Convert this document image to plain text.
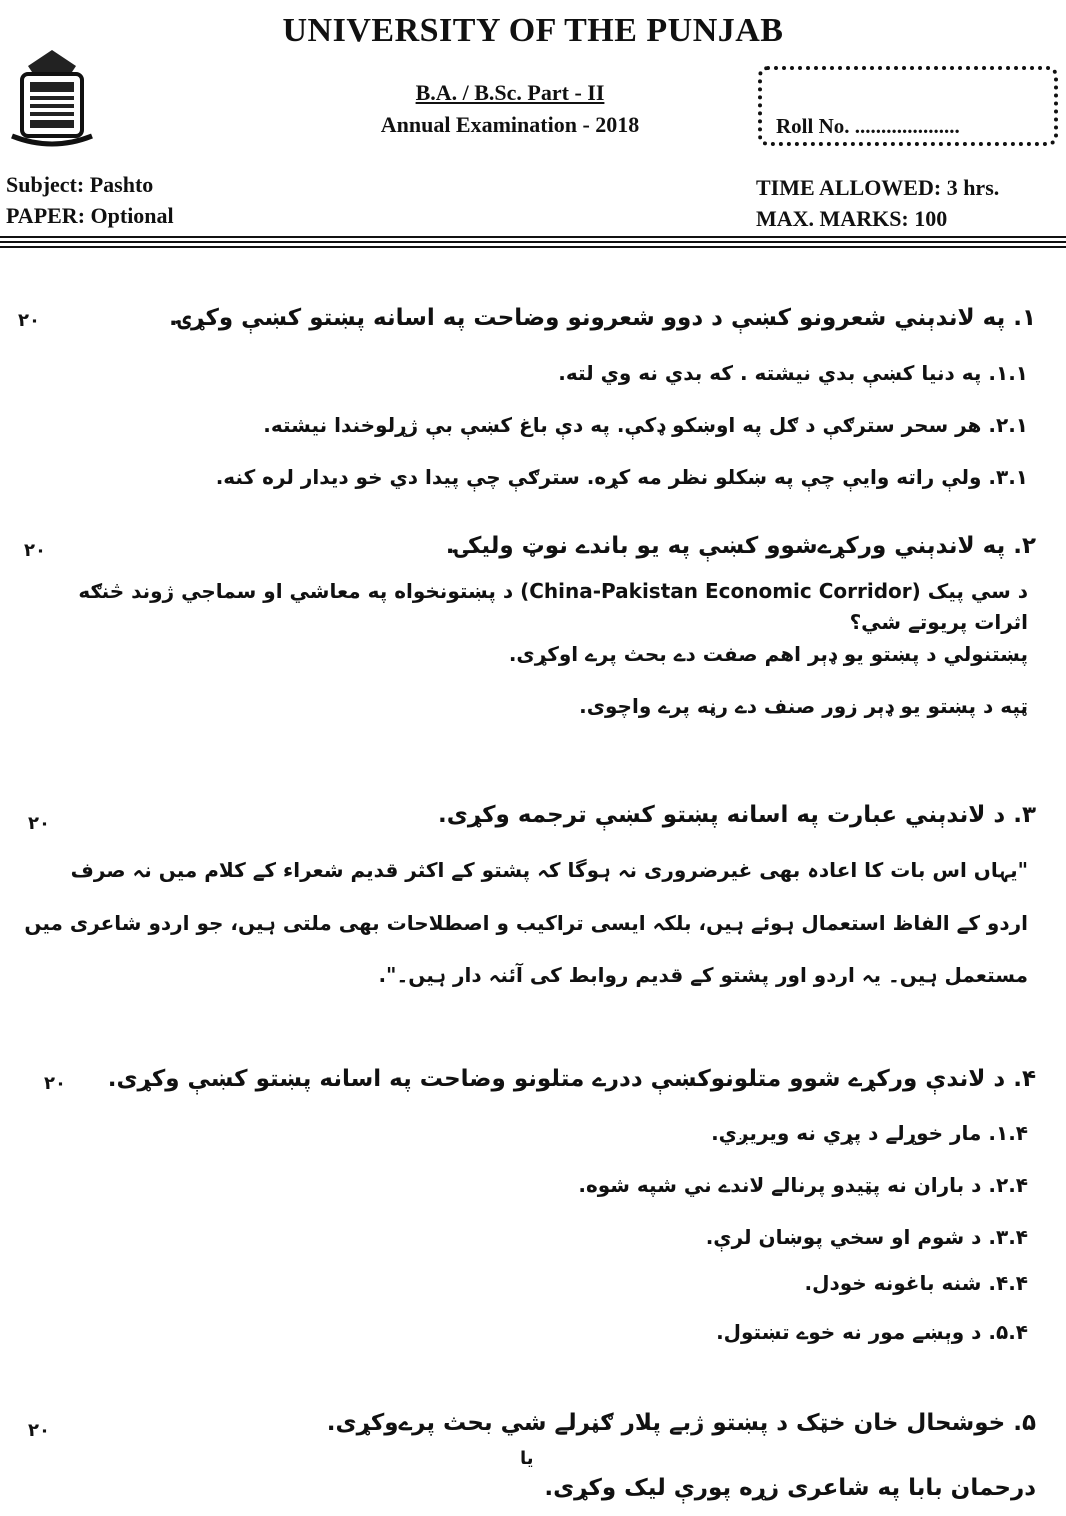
UNIVERSITY OF THE PUNJAB
B.A. / B.Sc. Part - II
Annual Examination - 2018	Roll No. ....................
Subject: Pashto
PAPER: Optional
TIME ALLOWED: 3 hrs.
MAX. MARKS: 100
۲۰	۱. په لاندېني شعرونو کښې د دوو شعرونو وضاحت په اسانه پښتو کښې وکړۍ.
۱.۱. په دنيا کښې بدي نيشته . که بدي نه وي لته.
۲.۱. هر سحر سترګې د ګل په اوښکو ډکې. په دې باغ کښې بې ژړلوخندا نيشته.
۳.۱. ولې راته وايې چې په ښکلو نظر مه کړه. سترګې چې پيدا دي خو ديدار لره کنه.
۲۰	۲. په لاندېني ورکړےشوو کښې په يو باندے نوټ وليکۍ.
د سي پيک (China-Pakistan Economic Corridor) د پښتونخواه په معاشي او سماجي ژوند څنګه
اثرات پريوتے شي؟
پښتنولي د پښتو يو ډېر اهم صفت دے بحث پرے اوکړی.
ټپه د پښتو يو ډېر زور صنف دے رڼه پرے واچوی.
۲۰	۳. د لاندېني عبارت په اسانه پښتو کښې ترجمه وکړی.
"یہاں اس بات کا اعادہ بھی غیرضروری نہ ہوگا کہ پشتو کے اکثر قدیم شعراء کے کلام میں نہ صرف
اردو کے الفاظ استعمال ہوئے ہیں، بلکہ ایسی تراکیب و اصطلاحات بھی ملتی ہیں، جو اردو شاعری میں
مستعمل ہیں۔ یہ اردو اور پشتو کے قدیم روابط کی آئنہ دار ہیں۔".
۲۰ ۴. د لاندې ورکړے شوو متلونوکښې ددرے متلونو وضاحت په اسانه پښتو کښې وکړی.
۱.۴. مار خوړلے د پړي نه ويريږي.
۲.۴. د باران نه پټيدو پرنالے لاندے ني شپه شوه.
۳.۴. د شوم او سخي پوښان لرې.
۴.۴. شنه باغونه خودل.
۵.۴. د وېښے مور نه خوے تښتول.
۲۰	۵. خوشحال خان خټک د پښتو ژبے پلار ګڼرلے شي بحث پرےوکړی.
يا
درحمان بابا په شاعری زړه پورې ليک وکړی.
